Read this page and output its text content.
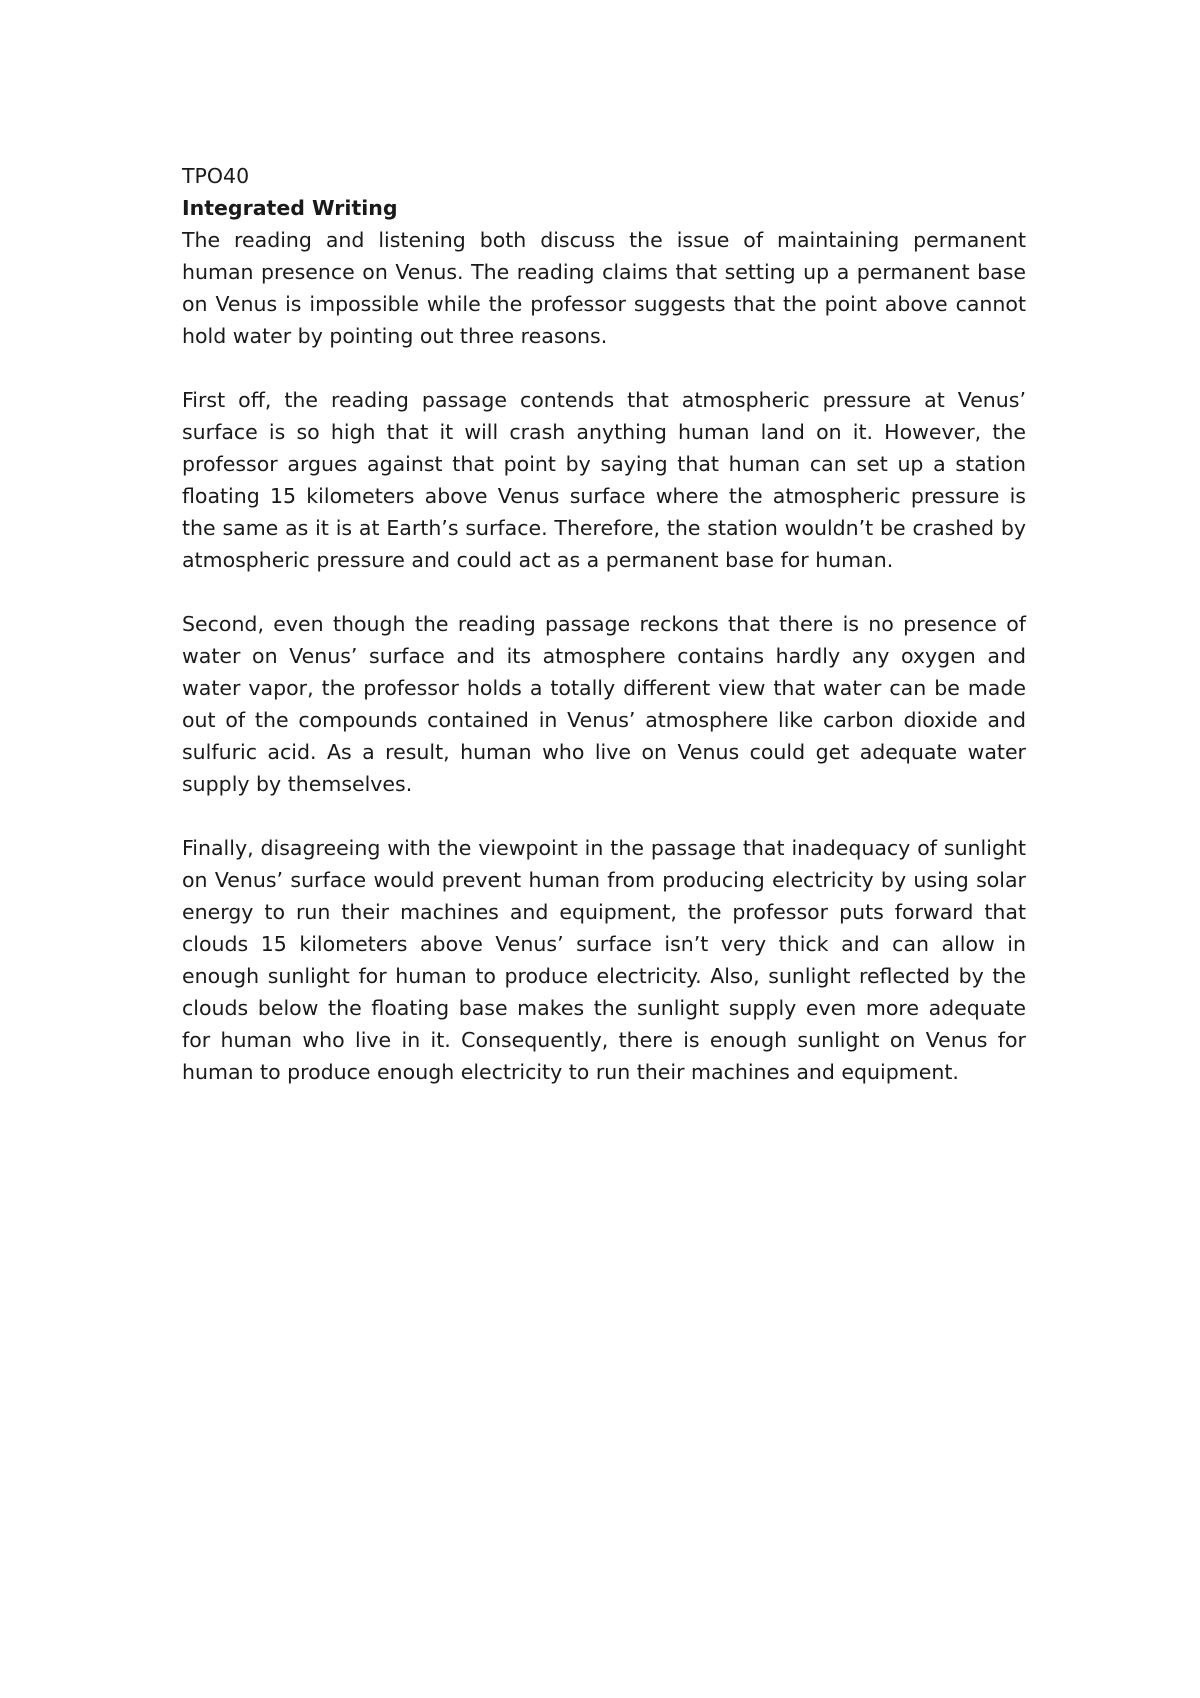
TPO40

Integrated Writing

The reading and listening both discuss the issue of maintaining permanent human presence on Venus. The reading claims that setting up a permanent base on Venus is impossible while the professor suggests that the point above cannot hold water by pointing out three reasons.

First off, the reading passage contends that atmospheric pressure at Venus’ surface is so high that it will crash anything human land on it. However, the professor argues against that point by saying that human can set up a station floating 15 kilometers above Venus surface where the atmospheric pressure is the same as it is at Earth’s surface. Therefore, the station wouldn’t be crashed by atmospheric pressure and could act as a permanent base for human.

Second, even though the reading passage reckons that there is no presence of water on Venus’ surface and its atmosphere contains hardly any oxygen and water vapor, the professor holds a totally different view that water can be made out of the compounds contained in Venus’ atmosphere like carbon dioxide and sulfuric acid. As a result, human who live on Venus could get adequate water supply by themselves.

Finally, disagreeing with the viewpoint in the passage that inadequacy of sunlight on Venus’ surface would prevent human from producing electricity by using solar energy to run their machines and equipment, the professor puts forward that clouds 15 kilometers above Venus’ surface isn’t very thick and can allow in enough sunlight for human to produce electricity. Also, sunlight reflected by the clouds below the floating base makes the sunlight supply even more adequate for human who live in it. Consequently, there is enough sunlight on Venus for human to produce enough electricity to run their machines and equipment.
